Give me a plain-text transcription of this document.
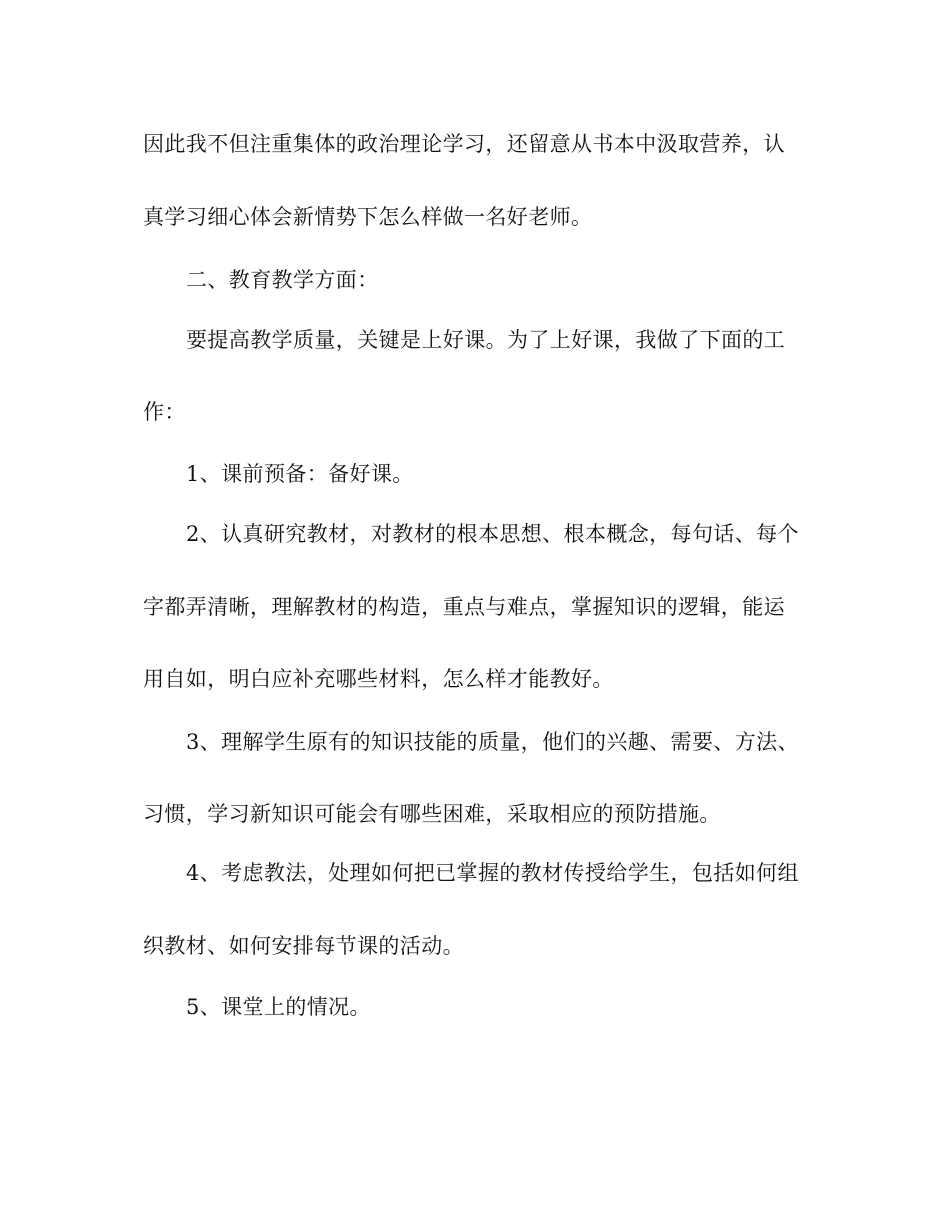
因此我不但注重集体的政治理论学习，还留意从书本中汲取营养，认
真学习细心体会新情势下怎么样做一名好老师。
二、教育教学方面：
要提高教学质量，关键是上好课。为了上好课，我做了下面的工
作：
1、课前预备：备好课。
2、认真研究教材，对教材的根本思想、根本概念，每句话、每个
字都弄清晰，理解教材的构造，重点与难点，掌握知识的逻辑，能运
用自如，明白应补充哪些材料，怎么样才能教好。
3、理解学生原有的知识技能的质量，他们的兴趣、需要、方法、
习惯，学习新知识可能会有哪些困难，采取相应的预防措施。
4、考虑教法，处理如何把已掌握的教材传授给学生，包括如何组
织教材、如何安排每节课的活动。
5、课堂上的情况。
